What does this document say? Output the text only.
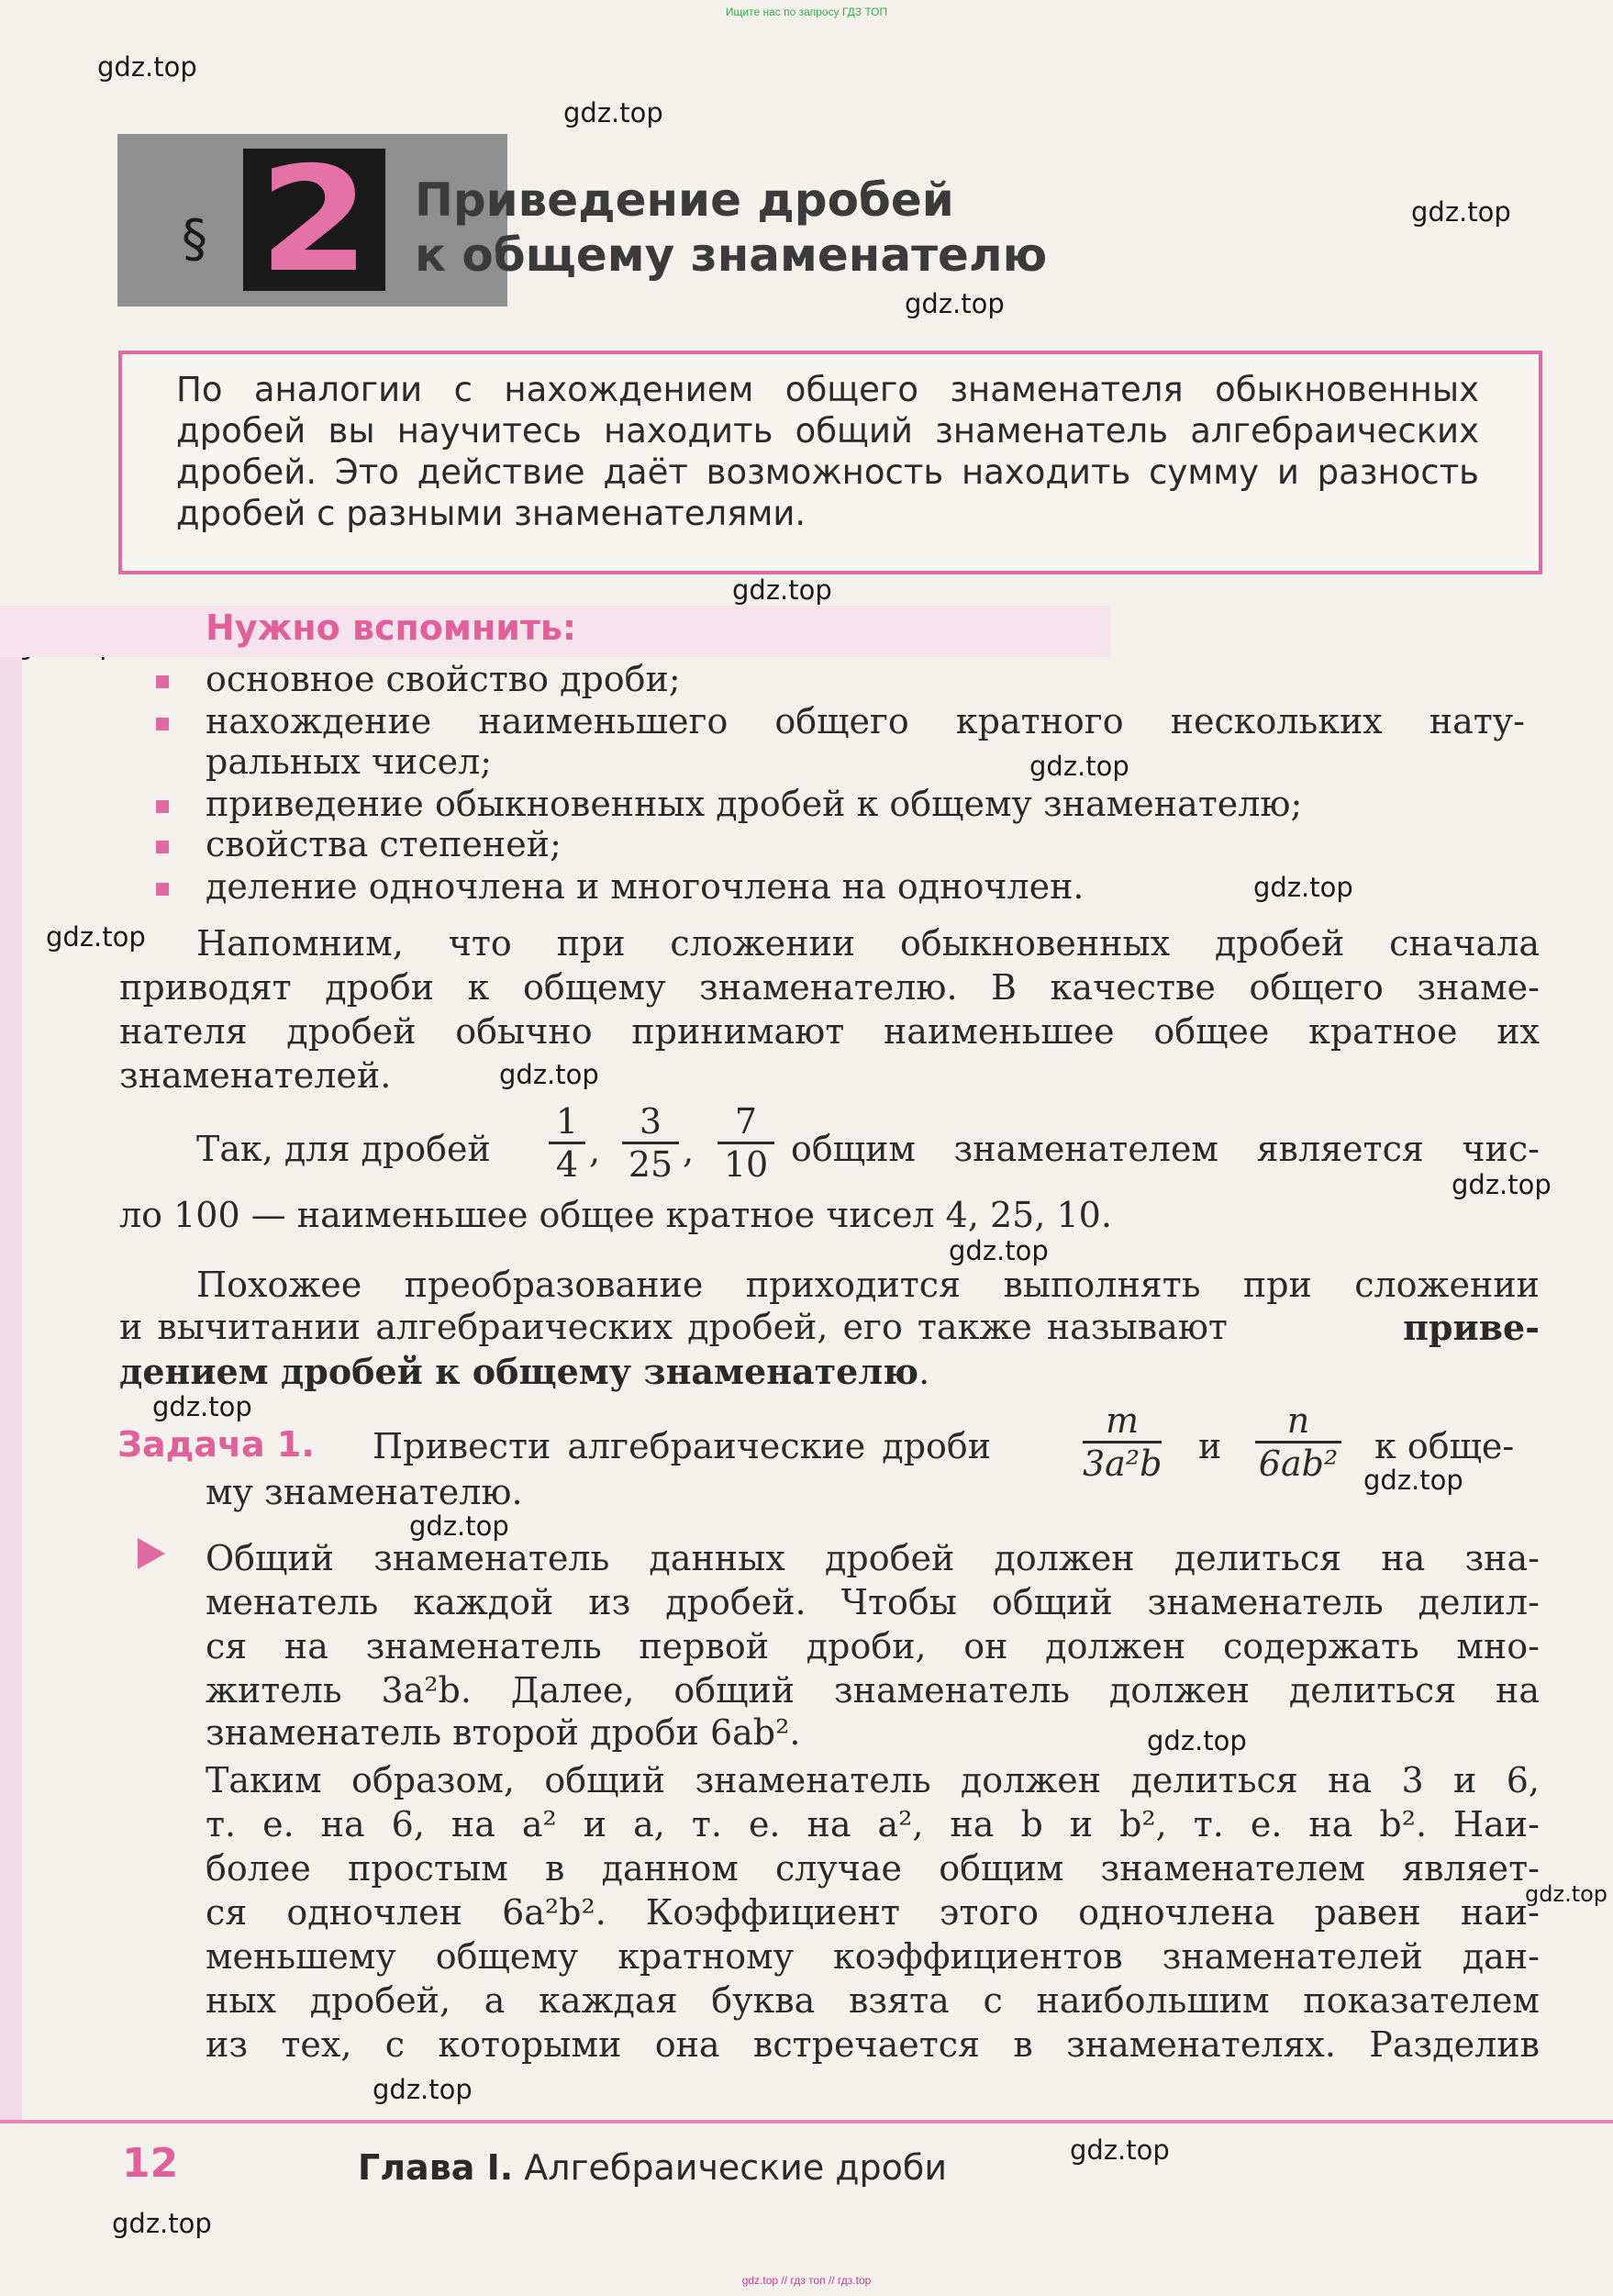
Ищите нас по запросу ГДЗ ТОП
gdz.top
gdz.top
gdz.top
gdz.top
gdz.top
gdz.top
gdz.top
gdz.top
gdz.top
gdz.top
gdz.top
gdz.top
gdz.top
gdz.top
gdz.top
gdz.top
gdz.top
gdz.top
gdz.top
§ 2 Приведение дробей
к общему знаменателю
По аналогии с нахождением общего знаменателя обыкновенных дробей вы научитесь находить общий знаменатель алгебраических дробей. Это действие даёт возможность находить сумму и разность дробей с разными знаменателями.
Нужно вспомнить:
основное свойство дроби;
нахождение наименьшего общего кратного нескольких нату-
ральных чисел;
приведение обыкновенных дробей к общему знаменателю;
свойства степеней;
деление одночлена и многочлена на одночлен.
Напомним, что при сложении обыкновенных дробей сначала
приводят дроби к общему знаменателю. В качестве общего знаме-
нателя дробей обычно принимают наименьшее общее кратное их
знаменателей.
Так, для дробей $\frac{1}{4}$ , $\frac{3}{25}$ , $\frac{7}{10}$ общим знаменателем является чис-
ло 100 — наименьшее общее кратное чисел 4, 25, 10.
Похожее преобразование приходится выполнять при сложении
и вычитании алгебраических дробей, его также называют	приве-
дением дробей к общему знаменателю.
Задача 1. Привести алгебраические дроби	$\frac{m}{\text{3a²b}}$ и $\frac{n}{\text{6ab²}}$ к обще-
му знаменателю.
Общий знаменатель данных дробей должен делиться на зна-
менатель каждой из дробей. Чтобы общий знаменатель делил-
ся на знаменатель первой дроби, он должен содержать мно-
житель 3a²b. Далее, общий знаменатель должен делиться на
знаменатель второй дроби 6ab².
Таким образом, общий знаменатель должен делиться на 3 и 6,
т. е. на 6, на a² и a, т. е. на a², на b и b², т. е. на b². Наи-
более простым в данном случае общим знаменателем являет-
ся одночлен 6a²b². Коэффициент этого одночлена равен наи-
меньшему общему кратному коэффициентов знаменателей дан-
ных дробей, а каждая буква взята с наибольшим показателем
из тех, с которыми она встречается в знаменателях. Разделив
12	Глава I. Алгебраические дроби
gdz.top // гдз топ // гдз.top
